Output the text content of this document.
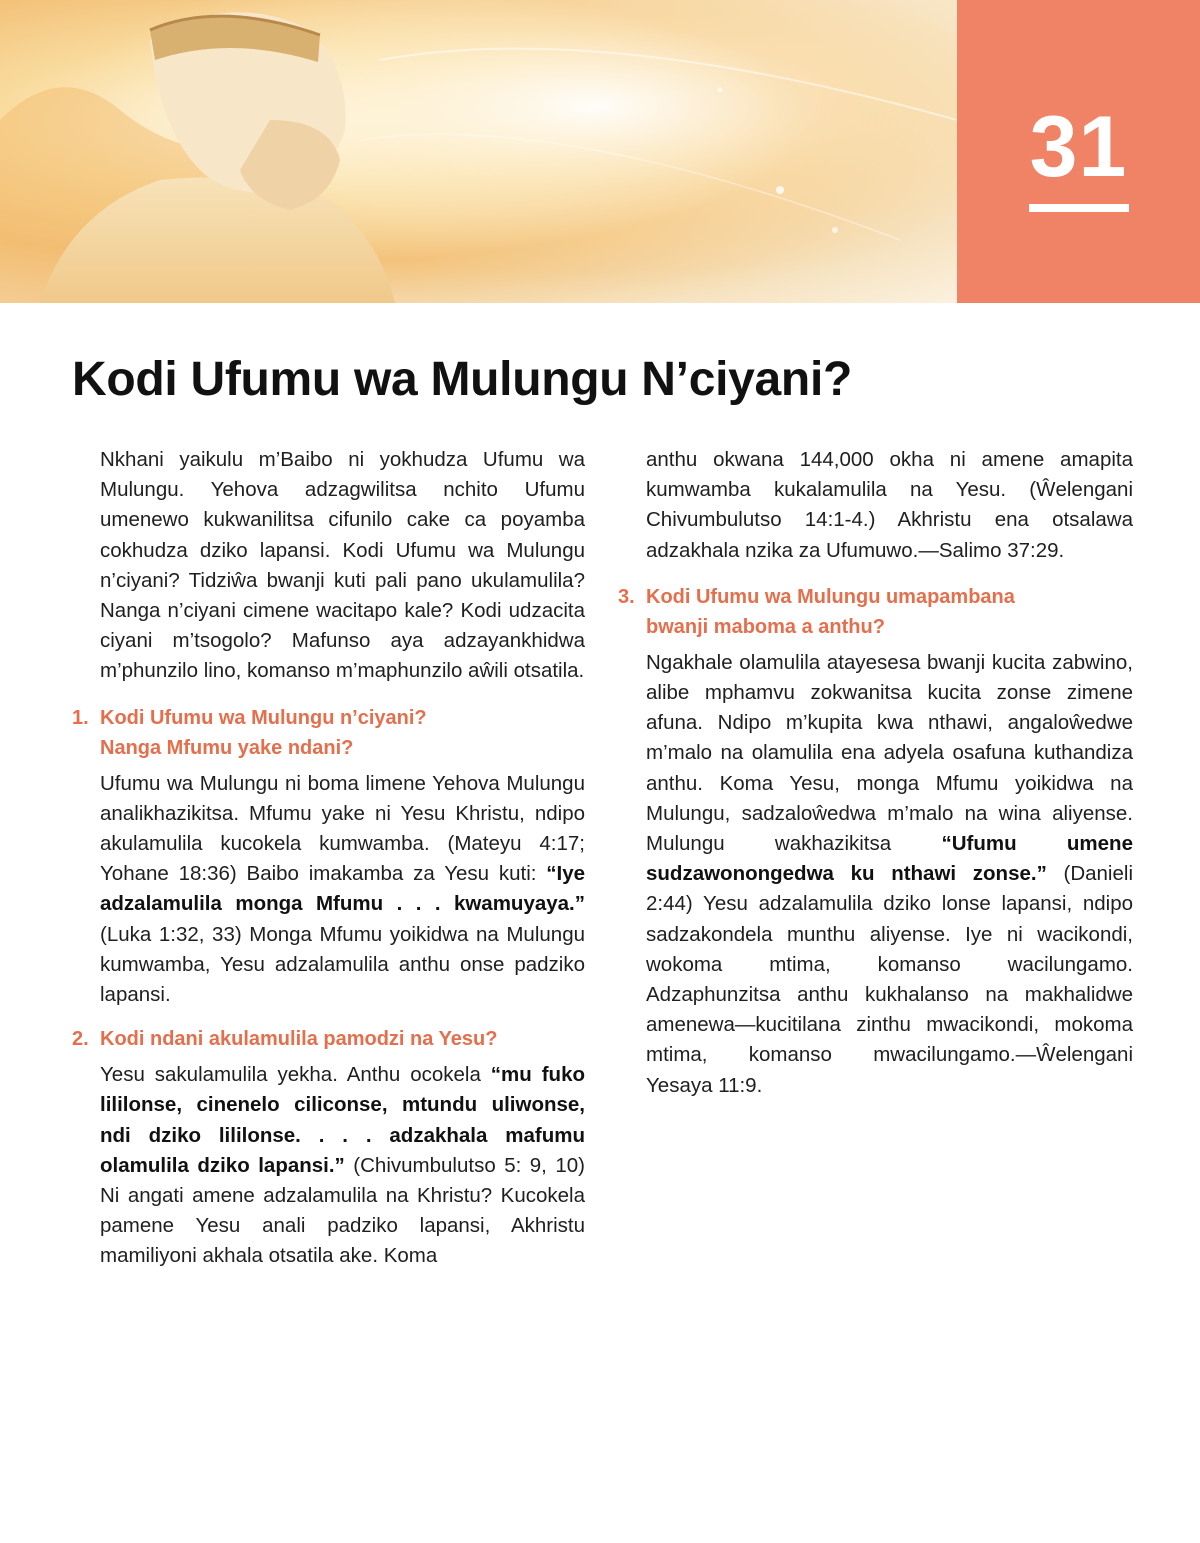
31
Kodi Ufumu wa Mulungu N’ciyani?

Nkhani yaikulu m’Baibo ni yokhudza Ufumu wa Mulungu. Yehova adzagwilitsa nchito Ufumu umenewo kukwanilitsa cifunilo cake ca poyamba cokhudza dziko lapansi. Kodi Ufumu wa Mulungu n’ciyani? Tidziŵa bwanji kuti pali pano ukulamulila? Nanga n’ciyani cimene wacitapo kale? Kodi udzacita ciyani m’tsogolo? Mafunso aya adzayankhidwa m’phunzilo lino, komanso m’maphunzilo aŵili otsatila.

1. Kodi Ufumu wa Mulungu n’ciyani?
Nanga Mfumu yake ndani?

Ufumu wa Mulungu ni boma limene Yehova Mulungu analikhazikitsa. Mfumu yake ni Yesu Khristu, ndipo akulamulila kucokela kumwamba. (Mateyu 4:17; Yohane 18:36) Baibo imakamba za Yesu kuti: “Iye adzalamulila monga Mfumu . . . kwamuyaya.” (Luka 1:32, 33) Monga Mfumu yoikidwa na Mulungu kumwamba, Yesu adzalamulila anthu onse padziko lapansi.

2. Kodi ndani akulamulila pamodzi na Yesu?

Yesu sakulamulila yekha. Anthu ocokela “mu fuko lililonse, cinenelo ciliconse, mtundu uliwonse, ndi dziko lililonse. . . . adzakhala mafumu olamulila dziko lapansi.” (Chivumbulutso 5: 9, 10) Ni angati amene adzalamulila na Khristu? Kucokela pamene Yesu anali padziko lapansi, Akhristu mamiliyoni akhala otsatila ake. Koma

anthu okwana 144,000 okha ni amene amapita kumwamba kukalamulila na Yesu. (Ŵelengani Chivumbulutso 14:1-4.) Akhristu ena otsalawa adzakhala nzika za Ufumuwo.—Salimo 37:29.

3. Kodi Ufumu wa Mulungu umapambana
bwanji maboma a anthu?

Ngakhale olamulila atayesesa bwanji kucita zabwino, alibe mphamvu zokwanitsa kucita zonse zimene afuna. Ndipo m’kupita kwa nthawi, angaloŵedwe m’malo na olamulila ena adyela osafuna kuthandiza anthu. Koma Yesu, monga Mfumu yoikidwa na Mulungu, sadzaloŵedwa m’malo na wina aliyense. Mulungu wakhazikitsa “Ufumu umene sudzawonongedwa ku nthawi zonse.” (Danieli 2:44) Yesu adzalamulila dziko lonse lapansi, ndipo sadzakondela munthu aliyense. Iye ni wacikondi, wokoma mtima, komanso wacilungamo. Adzaphunzitsa anthu kukhalanso na makhalidwe amenewa—kucitilana zinthu mwacikondi, mokoma mtima, komanso mwacilungamo.—Ŵelengani Yesaya 11:9.
